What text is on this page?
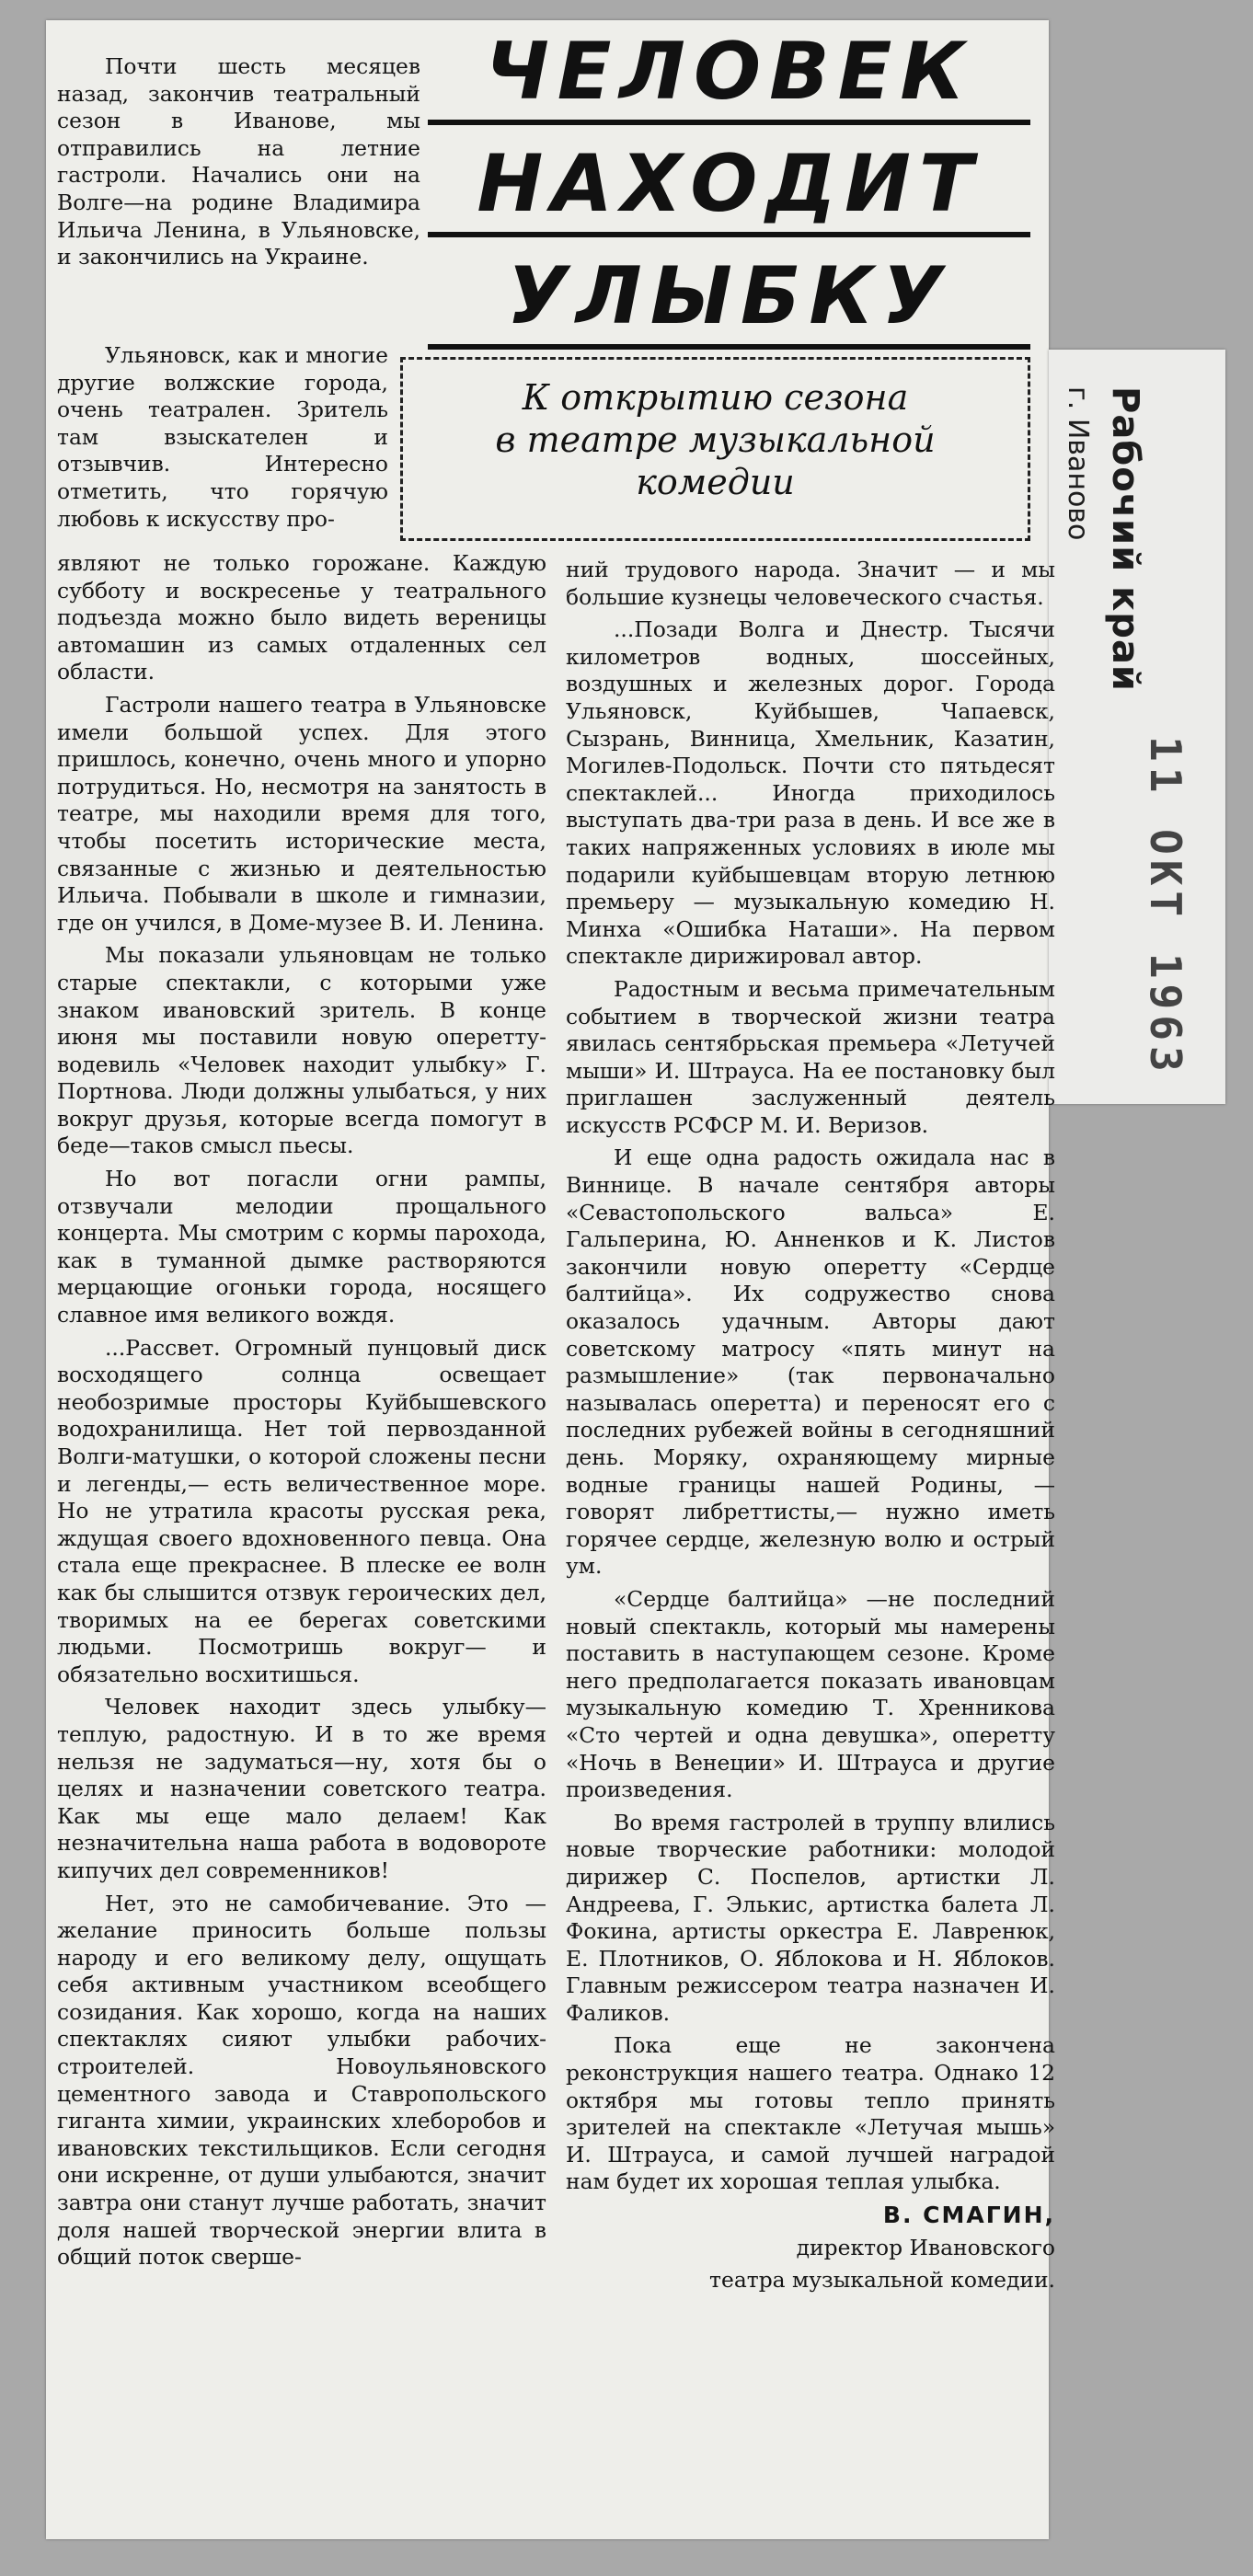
Рабочий край
г. Иваново
11 ОКТ 1963
ЧЕЛОВЕК
НАХОДИТ
УЛЫБКУ
К открытию сезона
в театре музыкальной
комедии

Почти шесть месяцев назад, закончив театральный сезон в Иванове, мы отправились на летние гастроли. Начались они на Волге—на родине Владимира Ильича Ленина, в Ульяновске, и закончились на Украине.

Ульяновск, как и многие другие волжские города, очень театрален. Зритель там взыскателен и отзывчив. Интересно отметить, что горячую любовь к искусству про-

являют не только горожане. Каждую субботу и воскресенье у театрального подъезда можно было видеть вереницы автомашин из самых отдаленных сел области.

Гастроли нашего театра в Ульяновске имели большой успех. Для этого пришлось, конечно, очень много и упорно потрудиться. Но, несмотря на занятость в театре, мы находили время для того, чтобы посетить исторические места, связанные с жизнью и деятельностью Ильича. Побывали в школе и гимназии, где он учился, в Доме-музее В. И. Ленина.

Мы показали ульяновцам не только старые спектакли, с которыми уже знаком ивановский зритель. В конце июня мы поставили новую оперетту-водевиль «Человек находит улыбку» Г. Портнова. Люди должны улыбаться, у них вокруг друзья, которые всегда помогут в беде—таков смысл пьесы.

Но вот погасли огни рампы, отзвучали мелодии прощального концерта. Мы смотрим с кормы парохода, как в туманной дымке растворяются мерцающие огоньки города, носящего славное имя великого вождя.

...Рассвет. Огромный пунцовый диск восходящего солнца освещает необозримые просторы Куйбышевского водохранилища. Нет той первозданной Волги-матушки, о которой сложены песни и легенды,— есть величественное море. Но не утратила красоты русская река, ждущая своего вдохновенного певца. Она стала еще прекраснее. В плеске ее волн как бы слышится отзвук героических дел, творимых на ее берегах советскими людьми. Посмотришь вокруг— и обязательно восхитишься.

Человек находит здесь улыбку— теплую, радостную. И в то же время нельзя не задуматься—ну, хотя бы о целях и назначении советского театра. Как мы еще мало делаем! Как незначительна наша работа в водовороте кипучих дел современников!

Нет, это не самобичевание. Это — желание приносить больше пользы народу и его великому делу, ощущать себя активным участником всеобщего созидания. Как хорошо, когда на наших спектаклях сияют улыбки рабочих-строителей. Новоульяновского цементного завода и Ставропольского гиганта химии, украинских хлеборобов и ивановских текстильщиков. Если сегодня они искренне, от души улыбаются, значит завтра они станут лучше работать, значит доля нашей творческой энергии влита в общий поток сверше-

ний трудового народа. Значит — и мы большие кузнецы человеческого счастья.

...Позади Волга и Днестр. Тысячи километров водных, шоссейных, воздушных и железных дорог. Города Ульяновск, Куйбышев, Чапаевск, Сызрань, Винница, Хмельник, Казатин, Могилев-Подольск. Почти сто пятьдесят спектаклей... Иногда приходилось выступать два-три раза в день. И все же в таких напряженных условиях в июле мы подарили куйбышевцам вторую летнюю премьеру — музыкальную комедию Н. Минха «Ошибка Наташи». На первом спектакле дирижировал автор.

Радостным и весьма примечательным событием в творческой жизни театра явилась сентябрьская премьера «Летучей мыши» И. Штрауса. На ее постановку был приглашен заслуженный деятель искусств РСФСР М. И. Веризов.

И еще одна радость ожидала нас в Виннице. В начале сентября авторы «Севастопольского вальса» Е. Гальперина, Ю. Анненков и К. Листов закончили новую оперетту «Сердце балтийца». Их содружество снова оказалось удачным. Авторы дают советскому матросу «пять минут на размышление» (так первоначально называлась оперетта) и переносят его с последних рубежей войны в сегодняшний день. Моряку, охраняющему мирные водные границы нашей Родины, — говорят либреттисты,— нужно иметь горячее сердце, железную волю и острый ум.

«Сердце балтийца» —не последний новый спектакль, который мы намерены поставить в наступающем сезоне. Кроме него предполагается показать ивановцам музыкальную комедию Т. Хренникова «Сто чертей и одна девушка», оперетту «Ночь в Венеции» И. Штрауса и другие произведения.

Во время гастролей в труппу влились новые творческие работники: молодой дирижер С. Поспелов, артистки Л. Андреева, Г. Элькис, артистка балета Л. Фокина, артисты оркестра Е. Лавренюк, Е. Плотников, О. Яблокова и Н. Яблоков. Главным режиссером театра назначен И. Фаликов.

Пока еще не закончена реконструкция нашего театра. Однако 12 октября мы готовы тепло принять зрителей на спектакле «Летучая мышь» И. Штрауса, и самой лучшей наградой нам будет их хорошая теплая улыбка.

В. СМАГИН,

директор Ивановского

театра музыкальной комедии.
